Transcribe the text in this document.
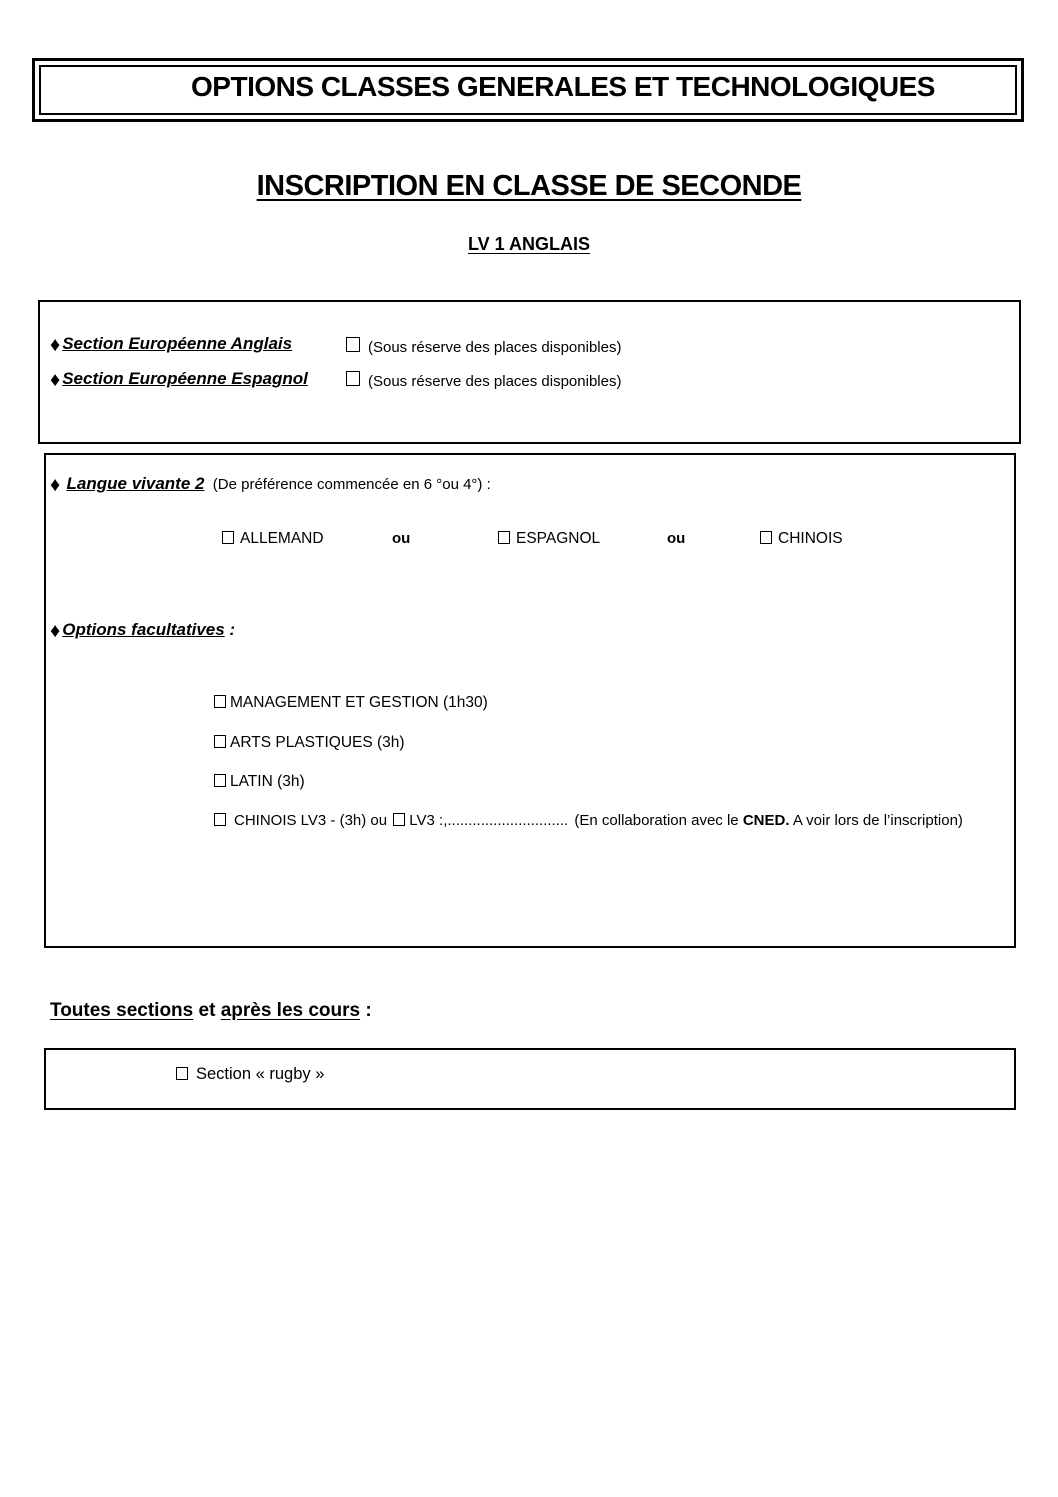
OPTIONS CLASSES GENERALES ET TECHNOLOGIQUES
INSCRIPTION EN CLASSE DE SECONDE
LV 1 ANGLAIS
♦ Section Européenne Anglais	(Sous réserve des places disponibles)
♦ Section Européenne Espagnol	(Sous réserve des places disponibles)
♦ Langue vivante 2 (De préférence commencée en 6 °ou 4°) :
ALLEMAND	ou	ESPAGNOL	ou	CHINOIS
♦ Options facultatives :
MANAGEMENT ET GESTION (1h30)
ARTS PLASTIQUES (3h)
LATIN (3h)
CHINOIS LV3 - (3h) ou LV3 :,............................. (En collaboration avec le CNED. A voir lors de l’inscription)
Toutes sections et après les cours :
Section « rugby »
